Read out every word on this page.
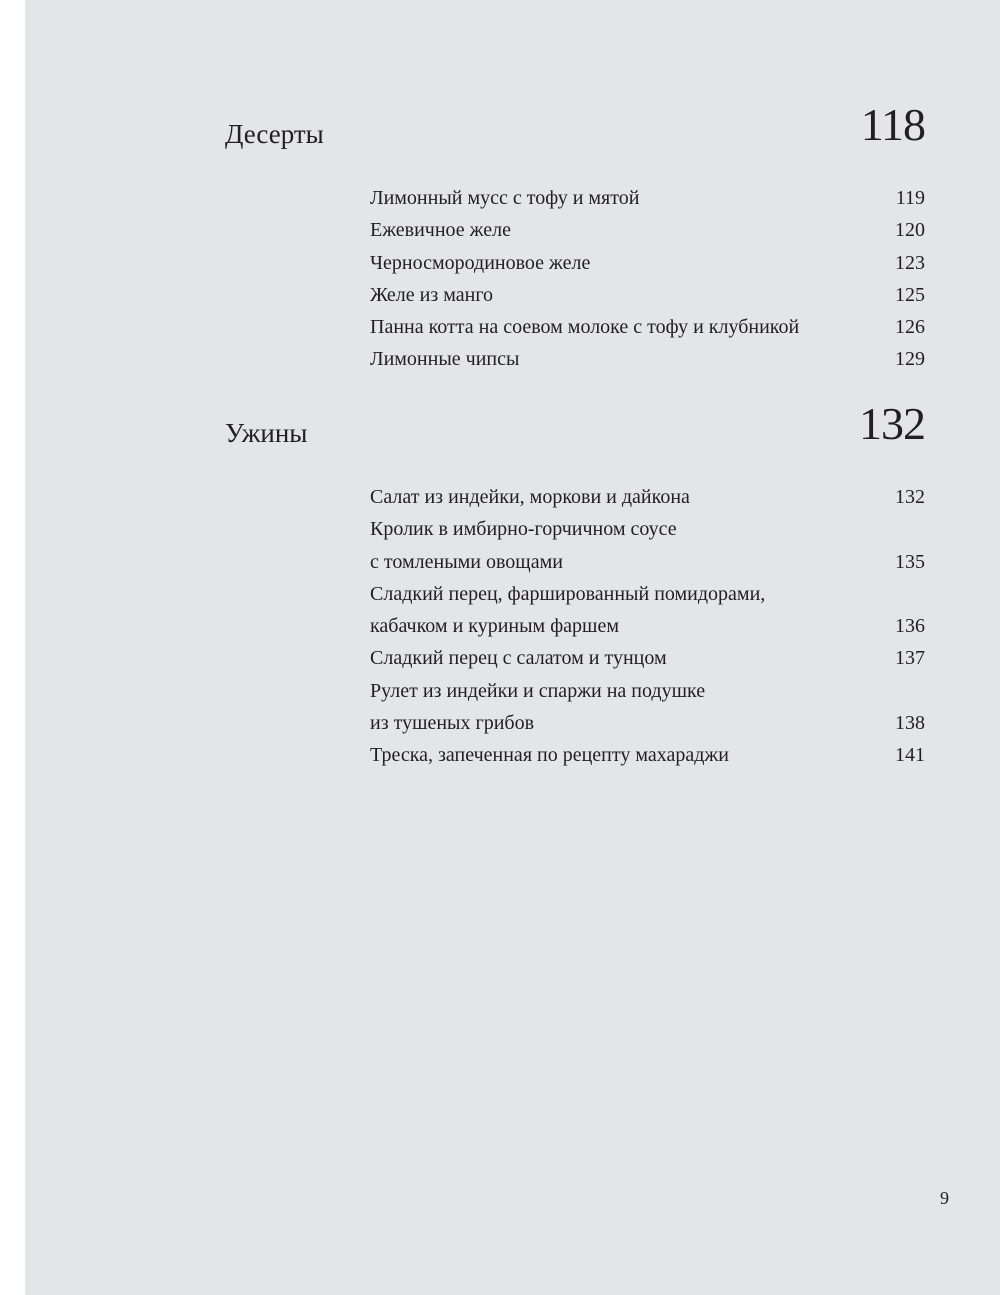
Десерты	118
Лимонный мусс с тофу и мятой	119
Ежевичное желе	120
Черносмородиновое желе	123
Желе из манго	125
Панна котта на соевом молоке с тофу и клубникой	126
Лимонные чипсы	129
Ужины	132
Салат из индейки, моркови и дайкона	132
Кролик в имбирно-горчичном соусе
с томлеными овощами	135
Сладкий перец, фаршированный помидорами,
кабачком и куриным фаршем	136
Сладкий перец с салатом и тунцом	137
Рулет из индейки и спаржи на подушке
из тушеных грибов	138
Треска, запеченная по рецепту махараджи	141
9
